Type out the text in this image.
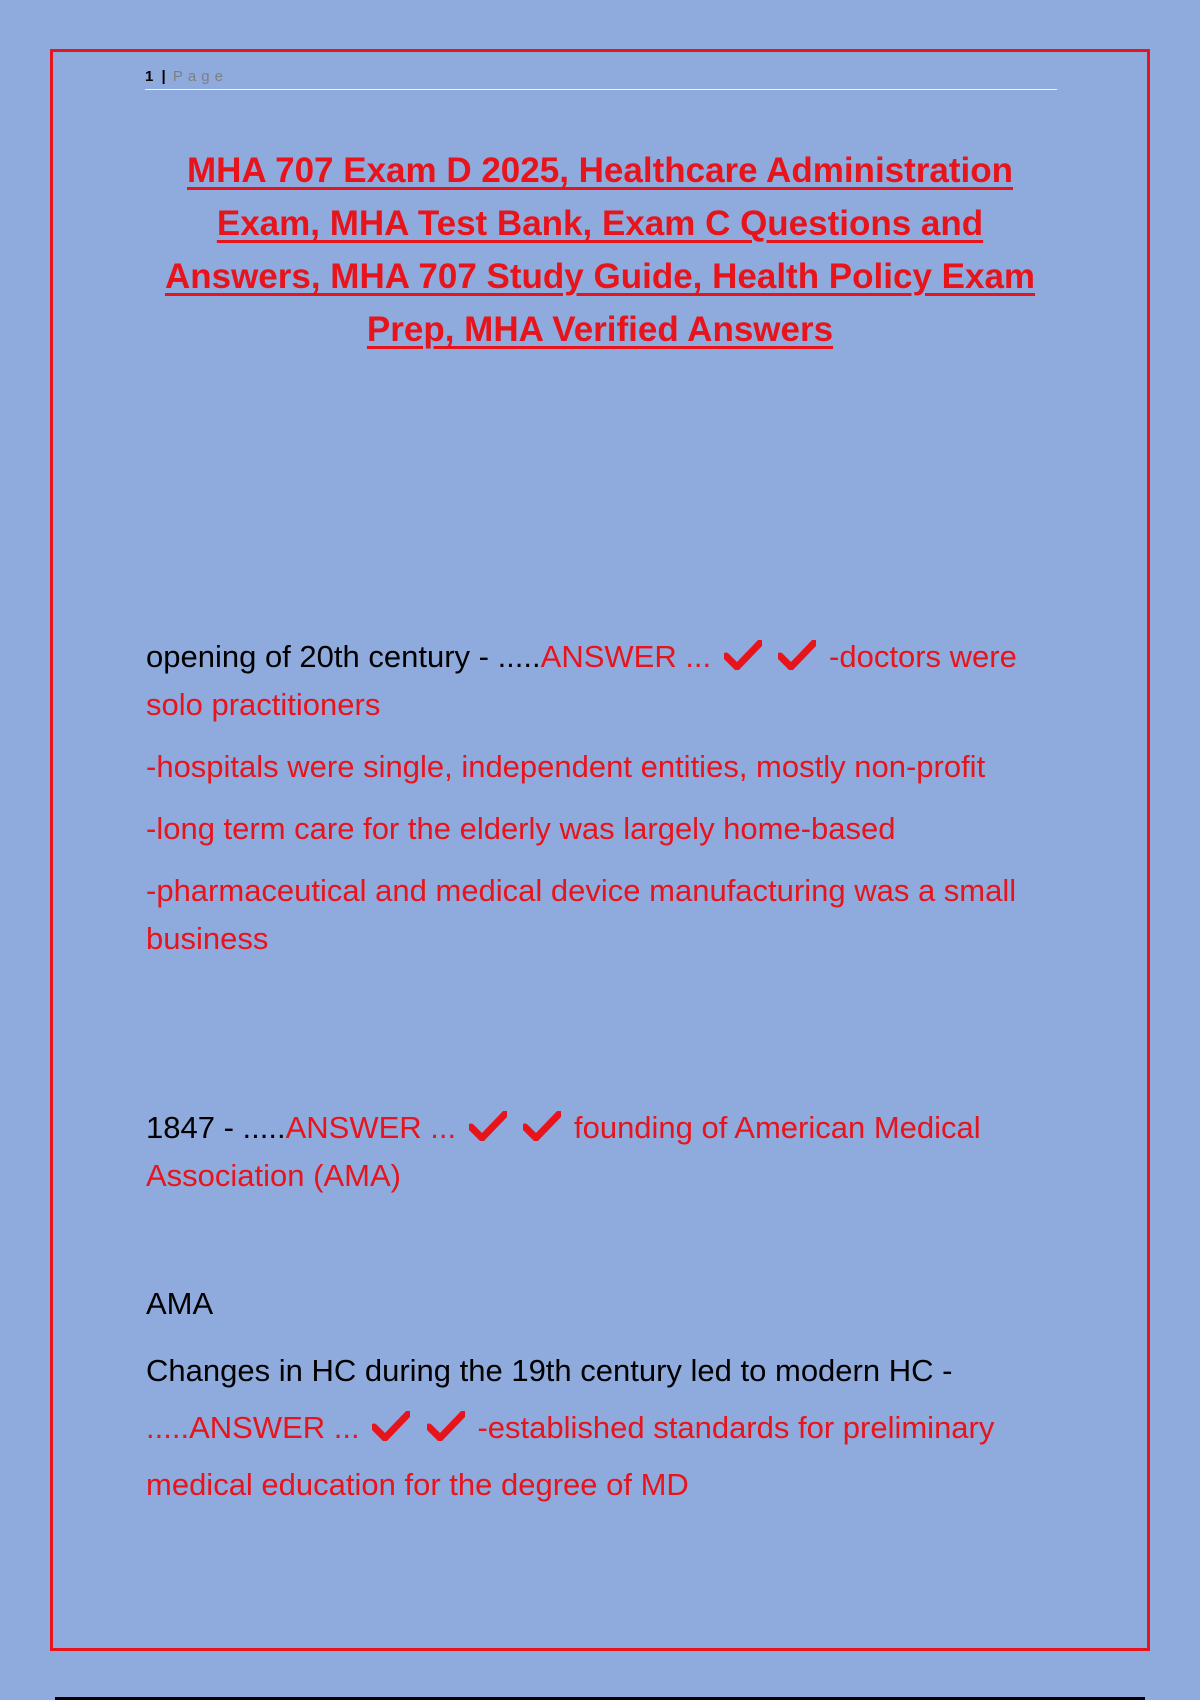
1 | Page
MHA 707 Exam D 2025, Healthcare Administration Exam, MHA Test Bank, Exam C Questions and Answers, MHA 707 Study Guide, Health Policy Exam Prep, MHA Verified Answers

opening of 20th century - .....ANSWER ...	-doctors were solo practitioners

-hospitals were single, independent entities, mostly non-profit

-long term care for the elderly was largely home-based

-pharmaceutical and medical device manufacturing was a small business

1847 - .....ANSWER ...	founding of American Medical Association (AMA)

AMA

Changes in HC during the 19th century led to modern HC - .....ANSWER ...	-established standards for preliminary medical education for the degree of MD
